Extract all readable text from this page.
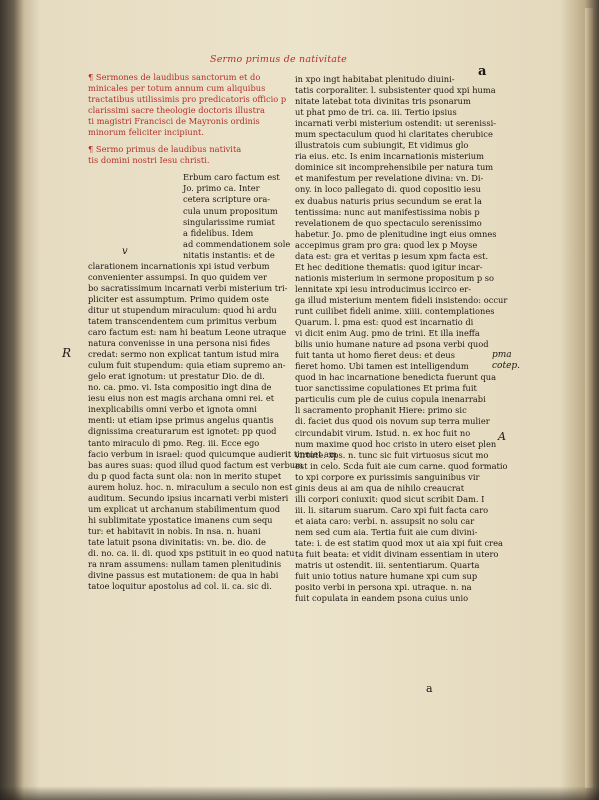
Sermo primus de nativitate
a

¶ Sermones de laudibus sanctorum et do

minicales per totum annum cum aliquibus

tractatibus utilissimis pro predicatoris officio p

clarissimi sacre theologie doctoris illustra

ti magistri Francisci de Mayronis ordinis

minorum feliciter incipiunt.

¶ Sermo primus de laudibus nativita

tis domini nostri Iesu christi.

Erbum caro factum est

Jo. primo ca. Inter

cetera scripture ora-

cula unum propositum

singularissime rumiat

a fidelibus. Idem

ad commendationem sole

nitatis instantis: et de

clarationem incarnationis xpi istud verbum

convenienter assumpsi. In quo quidem ver

bo sacratissimum incarnati verbi misterium tri-

pliciter est assumptum. Primo quidem oste

ditur ut stupendum miraculum: quod hi ardu

tatem transcendentem cum primitus verbum

caro factum est: nam hi beatum Leone utraque

natura convenisse in una persona nisi fides

credat: sermo non explicat tantum istud mira

culum fuit stupendum: quia etiam supremo an-

gelo erat ignotum: ut prestatur Dio. de di.

no. ca. pmo. vi. Ista compositio ingt dina de

iesu eius non est magis archana omni rei. et

inexplicabilis omni verbo et ignota omni

menti: ut etiam ipse primus angelus quantis

dignissima creaturarum est ignotet: pp quod

tanto miraculo di pmo. Reg. iii. Ecce ego

facio verbum in israel: quod quicumque audierit tinniet am

bas aures suas: quod illud quod factum est verbum

du p quod facta sunt ola: non in merito stupet

aurem holuz. hoc. n. miraculum a seculo non est

auditum. Secundo ipsius incarnati verbi misteri

um explicat ut archanum stabilimentum quod

hi sublimitate ypostatice imanens cum sequ

tur: et habitavit in nobis. In nsa. n. huani

tate latuit psona divinitatis: vn. be. dio. de

di. no. ca. ii. di. quod xps pstituit in eo quod natu

ra nram assumens: nullam tamen plenitudinis

divine passus est mutationem: de qua in habi

tatoe loquitur apostolus ad col. ii. ca. sic di.

in xpo ingt habitabat plenitudo diuini-

tatis corporaliter. l. subsistenter quod xpi huma

nitate latebat tota divinitas tris psonarum

ut phat pmo de tri. ca. iii. Tertio ipsius

incarnati verbi misterium ostendit: ut serenissi-

mum spectaculum quod hi claritates cherubice

illustratois cum subiungit, Et vidimus glo

ria eius. etc. Is enim incarnationis misterium

dominice sit incomprehensibile per natura tum

et manifestum per revelatione divina: vn. Di-

ony. in loco pallegato di. quod copositio iesu

ex duabus naturis prius secundum se erat la

tentissima: nunc aut manifestissima nobis p

revelationem de quo spectaculo serenissimo

habetur. Jo. pmo de plenitudine ingt eius omnes

accepimus gram pro gra: quod lex p Moyse

data est: gra et veritas p iesum xpm facta est.

Et hec deditione thematis: quod igitur incar-

nationis misterium in sermone propositum p so

lennitate xpi iesu introducimus iccirco er-

ga illud misterium mentem fideli insistendo: occur

runt cuilibet fideli anime. xiiii. contemplationes

Quarum. l. pma est: quod est incarnatio di

vi dicit enim Aug. pmo de trini. Et illa ineffa

bilis unio humane nature ad psona verbi quod

fuit tanta ut homo fieret deus: et deus

fieret homo. Ubi tamen est intelligendum

quod in hac incarnatione benedicta fuerunt qua

tuor sanctissime copulationes Et prima fuit

particulis cum ple de cuius copula inenarrabi

li sacramento prophanit Hiere: primo sic

di. faciet dus quod ois novum sup terra mulier

circundabit virum. Istud. n. ex hoc fuit no

num maxime quod hoc cristo in utero eiset plen

virtute. xps. n. tunc sic fuit virtuosus sicut mo

est in celo. Scda fuit aie cum carne. quod formatio

to xpi corpore ex purissimis sanguinibus vir

ginis deus ai am qua de nihilo creaucrat

illi corpori coniuxit: quod sicut scribit Dam. I

iii. li. sitarum suarum. Caro xpi fuit facta caro

et aiata caro: verbi. n. assupsit no solu car

nem sed cum aia. Tertia fuit aie cum divini-

tate: i. de est statim quod mox ut aia xpi fuit crea

ta fuit beata: et vidit divinam essentiam in utero

matris ut ostendit. iii. sententiarum. Quarta

fuit unio totius nature humane xpi cum sup

posito verbi in persona xpi. utraque. n. na

fuit copulata in eandem psona cuius unio

pma
cotep.
A
v
R
a
